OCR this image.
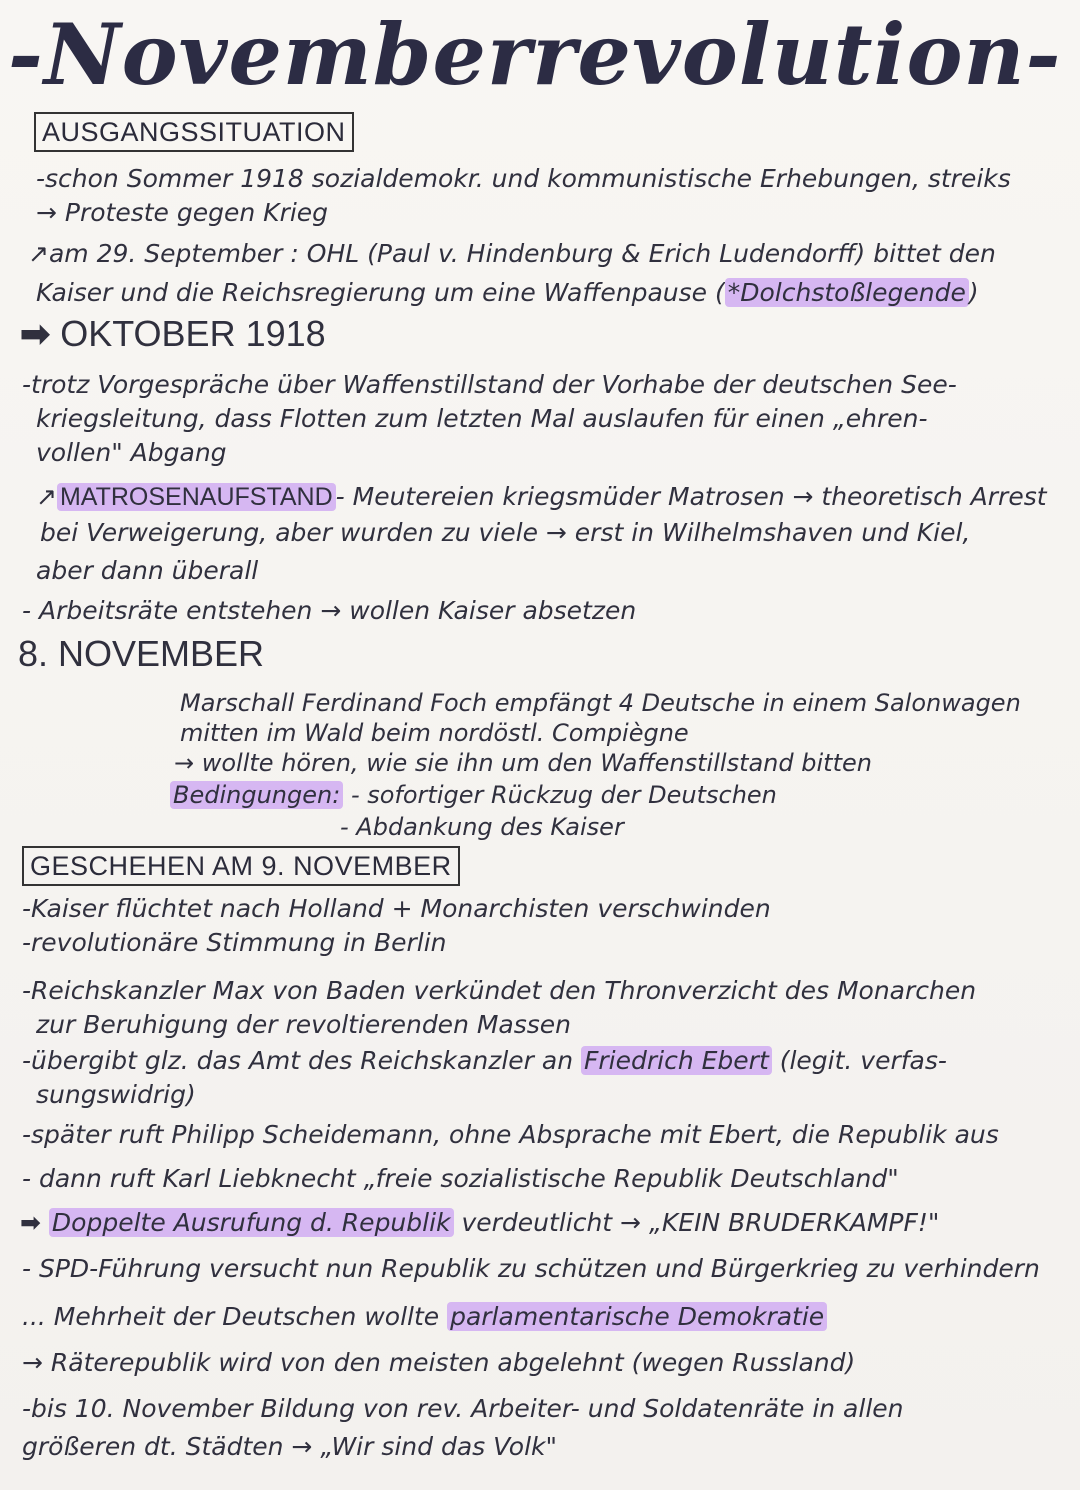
-Novemberrevolution-
AUSGANGSSITUATION
-schon Sommer 1918 sozialdemokr. und kommunistische Erhebungen, streiks
→ Proteste gegen Krieg
↗am 29. September : OHL (Paul v. Hindenburg & Erich Ludendorff) bittet den
Kaiser und die Reichsregierung um eine Waffenpause ( *Dolchstoßlegende )
➡ OKTOBER 1918
-trotz Vorgespräche über Waffenstillstand der Vorhabe der deutschen See-
kriegsleitung, dass Flotten zum letzten Mal auslaufen für einen „ehren-
vollen" Abgang
↗ MATROSENAUFSTAND - Meutereien kriegsmüder Matrosen → theoretisch Arrest
bei Verweigerung, aber wurden zu viele → erst in Wilhelmshaven und Kiel,
aber dann überall
- Arbeitsräte entstehen → wollen Kaiser absetzen
8. NOVEMBER
Marschall Ferdinand Foch empfängt 4 Deutsche in einem Salonwagen
mitten im Wald beim nordöstl. Compiègne
→ wollte hören, wie sie ihn um den Waffenstillstand bitten
Bedingungen: - sofortiger Rückzug der Deutschen
- Abdankung des Kaiser
GESCHEHEN AM 9. NOVEMBER
-Kaiser flüchtet nach Holland + Monarchisten verschwinden
-revolutionäre Stimmung in Berlin
-Reichskanzler Max von Baden verkündet den Thronverzicht des Monarchen
zur Beruhigung der revoltierenden Massen
-übergibt glz. das Amt des Reichskanzler an Friedrich Ebert (legit. verfas-
sungswidrig)
-später ruft Philipp Scheidemann, ohne Absprache mit Ebert, die Republik aus
- dann ruft Karl Liebknecht „freie sozialistische Republik Deutschland"
➡ Doppelte Ausrufung d. Republik verdeutlicht → „KEIN BRUDERKAMPF!"
- SPD-Führung versucht nun Republik zu schützen und Bürgerkrieg zu verhindern
... Mehrheit der Deutschen wollte parlamentarische Demokratie
→ Räterepublik wird von den meisten abgelehnt (wegen Russland)
-bis 10. November Bildung von rev. Arbeiter- und Soldatenräte in allen
größeren dt. Städten → „Wir sind das Volk"
